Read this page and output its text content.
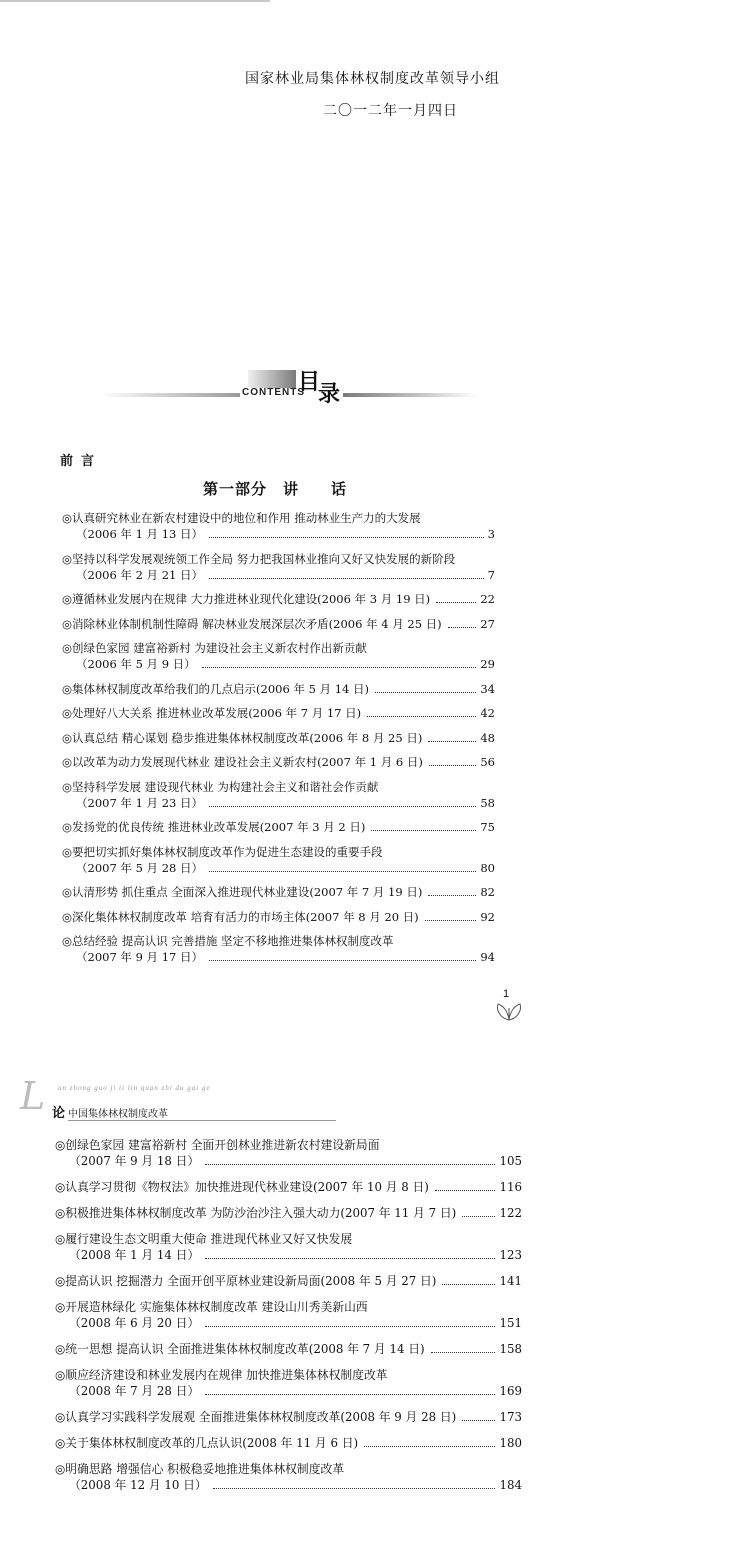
国家林业局集体林权制度改革领导小组
二〇一二年一月四日
CONTENTS
目
录
前言
第一部分　讲　　话
◎认真研究林业在新农村建设中的地位和作用 推动林业生产力的大发展
（2006 年 1 月 13 日）	3
◎坚持以科学发展观统领工作全局 努力把我国林业推向又好又快发展的新阶段
（2006 年 2 月 21 日）	7
◎遵循林业发展内在规律 大力推进林业现代化建设(2006 年 3 月 19 日)	22
◎消除林业体制机制性障碍 解决林业发展深层次矛盾(2006 年 4 月 25 日)	27
◎创绿色家园 建富裕新村 为建设社会主义新农村作出新贡献
（2006 年 5 月 9 日）	29
◎集体林权制度改革给我们的几点启示(2006 年 5 月 14 日)	34
◎处理好八大关系 推进林业改革发展(2006 年 7 月 17 日)	42
◎认真总结 精心谋划 稳步推进集体林权制度改革(2006 年 8 月 25 日)	48
◎以改革为动力发展现代林业 建设社会主义新农村(2007 年 1 月 6 日)	56
◎坚持科学发展 建设现代林业 为构建社会主义和谐社会作贡献
（2007 年 1 月 23 日）	58
◎发扬党的优良传统 推进林业改革发展(2007 年 3 月 2 日)	75
◎要把切实抓好集体林权制度改革作为促进生态建设的重要手段
（2007 年 5 月 28 日）	80
◎认清形势 抓住重点 全面深入推进现代林业建设(2007 年 7 月 19 日)	82
◎深化集体林权制度改革 培育有活力的市场主体(2007 年 8 月 20 日)	92
◎总结经验 提高认识 完善措施 坚定不移地推进集体林权制度改革
（2007 年 9 月 17 日）	94
1
L un zhong guo ji ti lin quan zhi du gai ge
论 中国集体林权制度改革
◎创绿色家园 建富裕新村 全面开创林业推进新农村建设新局面
（2007 年 9 月 18 日）	105
◎认真学习贯彻《物权法》加快推进现代林业建设(2007 年 10 月 8 日)	116
◎积极推进集体林权制度改革 为防沙治沙注入强大动力(2007 年 11 月 7 日)	122
◎履行建设生态文明重大使命 推进现代林业又好又快发展
（2008 年 1 月 14 日）	123
◎提高认识 挖掘潜力 全面开创平原林业建设新局面(2008 年 5 月 27 日)	141
◎开展造林绿化 实施集体林权制度改革 建设山川秀美新山西
（2008 年 6 月 20 日）	151
◎统一思想 提高认识 全面推进集体林权制度改革(2008 年 7 月 14 日)	158
◎顺应经济建设和林业发展内在规律 加快推进集体林权制度改革
（2008 年 7 月 28 日）	169
◎认真学习实践科学发展观 全面推进集体林权制度改革(2008 年 9 月 28 日)	173
◎关于集体林权制度改革的几点认识(2008 年 11 月 6 日)	180
◎明确思路 增强信心 积极稳妥地推进集体林权制度改革
（2008 年 12 月 10 日）	184
